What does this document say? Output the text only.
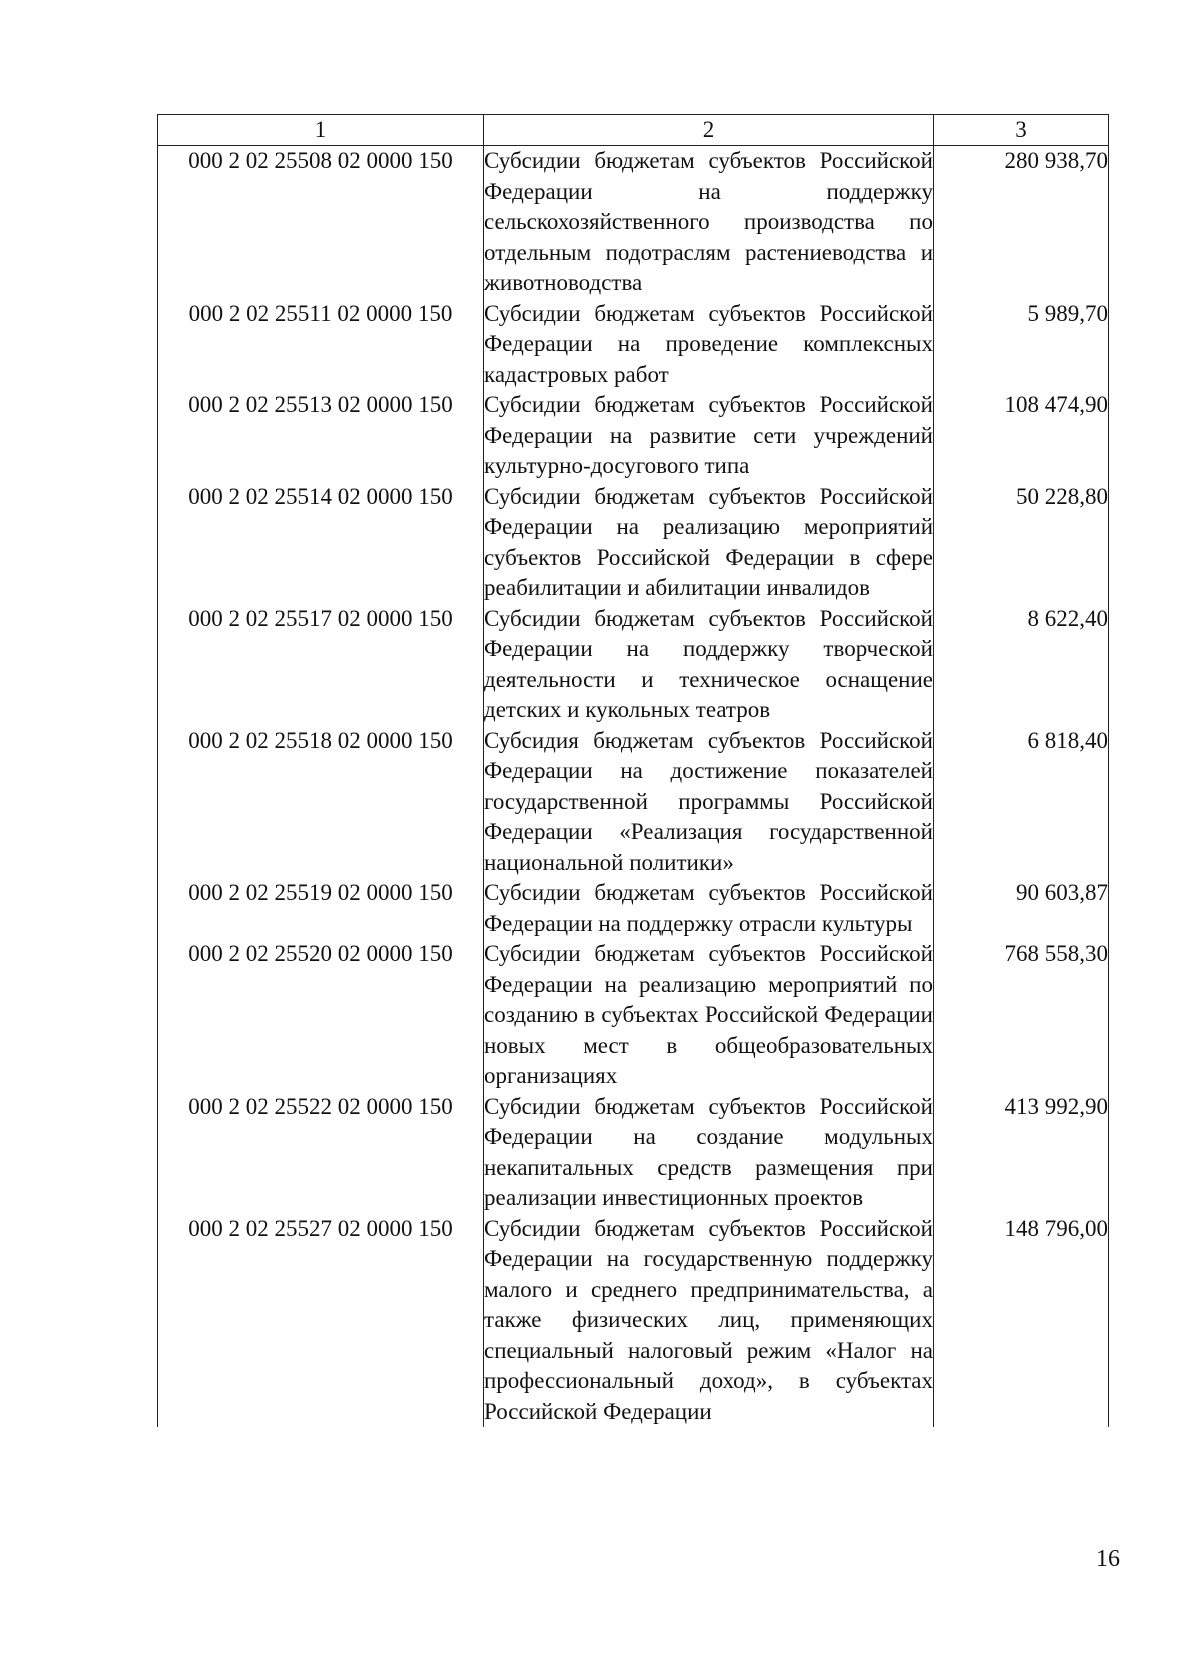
1	2	3
000 2 02 25508 02 0000 150	Субсидии бюджетам субъектов Российской Федерации на поддержку сельскохозяйственного производства по отдельным подотраслям растениеводства и животноводства	280 938,70
000 2 02 25511 02 0000 150	Субсидии бюджетам субъектов Российской Федерации на проведение комплексных кадастровых работ	5 989,70
000 2 02 25513 02 0000 150	Субсидии бюджетам субъектов Российской Федерации на развитие сети учреждений культурно-досугового типа	108 474,90
000 2 02 25514 02 0000 150	Субсидии бюджетам субъектов Российской Федерации на реализацию мероприятий субъектов Российской Федерации в сфере реабилитации и абилитации инвалидов	50 228,80
000 2 02 25517 02 0000 150	Субсидии бюджетам субъектов Российской Федерации на поддержку творческой деятельности и техническое оснащение детских и кукольных театров	8 622,40
000 2 02 25518 02 0000 150	Субсидия бюджетам субъектов Российской Федерации на достижение показателей государственной программы Российской Федерации «Реализация государственной национальной политики»	6 818,40
000 2 02 25519 02 0000 150	Субсидии бюджетам субъектов Российской Федерации на поддержку отрасли культуры	90 603,87
000 2 02 25520 02 0000 150	Субсидии бюджетам субъектов Российской Федерации на реализацию мероприятий по созданию в субъектах Российской Федерации новых мест в общеобразовательных организациях	768 558,30
000 2 02 25522 02 0000 150	Субсидии бюджетам субъектов Российской Федерации на создание модульных некапитальных средств размещения при реализации инвестиционных проектов	413 992,90
000 2 02 25527 02 0000 150	Субсидии бюджетам субъектов Российской Федерации на государственную поддержку малого и среднего предпринимательства, а также физических лиц, применяющих специальный налоговый режим «Налог на профессиональный доход», в субъектах Российской Федерации	148 796,00
16
